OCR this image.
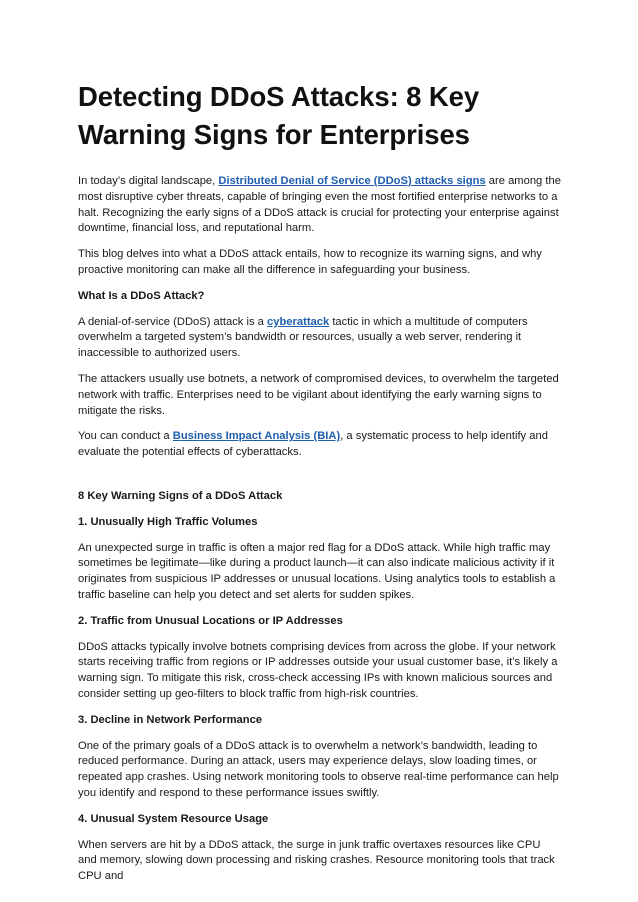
Detecting DDoS Attacks: 8 Key Warning Signs for Enterprises

In today’s digital landscape, Distributed Denial of Service (DDoS) attacks signs are among the most disruptive cyber threats, capable of bringing even the most fortified enterprise networks to a halt. Recognizing the early signs of a DDoS attack is crucial for protecting your enterprise against downtime, financial loss, and reputational harm.

This blog delves into what a DDoS attack entails, how to recognize its warning signs, and why proactive monitoring can make all the difference in safeguarding your business.

What Is a DDoS Attack?

A denial-of-service (DDoS) attack is a cyberattack tactic in which a multitude of computers overwhelm a targeted system’s bandwidth or resources, usually a web server, rendering it inaccessible to authorized users.

The attackers usually use botnets, a network of compromised devices, to overwhelm the targeted network with traffic. Enterprises need to be vigilant about identifying the early warning signs to mitigate the risks.

You can conduct a Business Impact Analysis (BIA), a systematic process to help identify and evaluate the potential effects of cyberattacks.

8 Key Warning Signs of a DDoS Attack

1. Unusually High Traffic Volumes

An unexpected surge in traffic is often a major red flag for a DDoS attack. While high traffic may sometimes be legitimate—like during a product launch—it can also indicate malicious activity if it originates from suspicious IP addresses or unusual locations. Using analytics tools to establish a traffic baseline can help you detect and set alerts for sudden spikes.

2. Traffic from Unusual Locations or IP Addresses

DDoS attacks typically involve botnets comprising devices from across the globe. If your network starts receiving traffic from regions or IP addresses outside your usual customer base, it’s likely a warning sign. To mitigate this risk, cross-check accessing IPs with known malicious sources and consider setting up geo-filters to block traffic from high-risk countries.

3. Decline in Network Performance

One of the primary goals of a DDoS attack is to overwhelm a network’s bandwidth, leading to reduced performance. During an attack, users may experience delays, slow loading times, or repeated app crashes. Using network monitoring tools to observe real-time performance can help you identify and respond to these performance issues swiftly.

4. Unusual System Resource Usage

When servers are hit by a DDoS attack, the surge in junk traffic overtaxes resources like CPU and memory, slowing down processing and risking crashes. Resource monitoring tools that track CPU and
